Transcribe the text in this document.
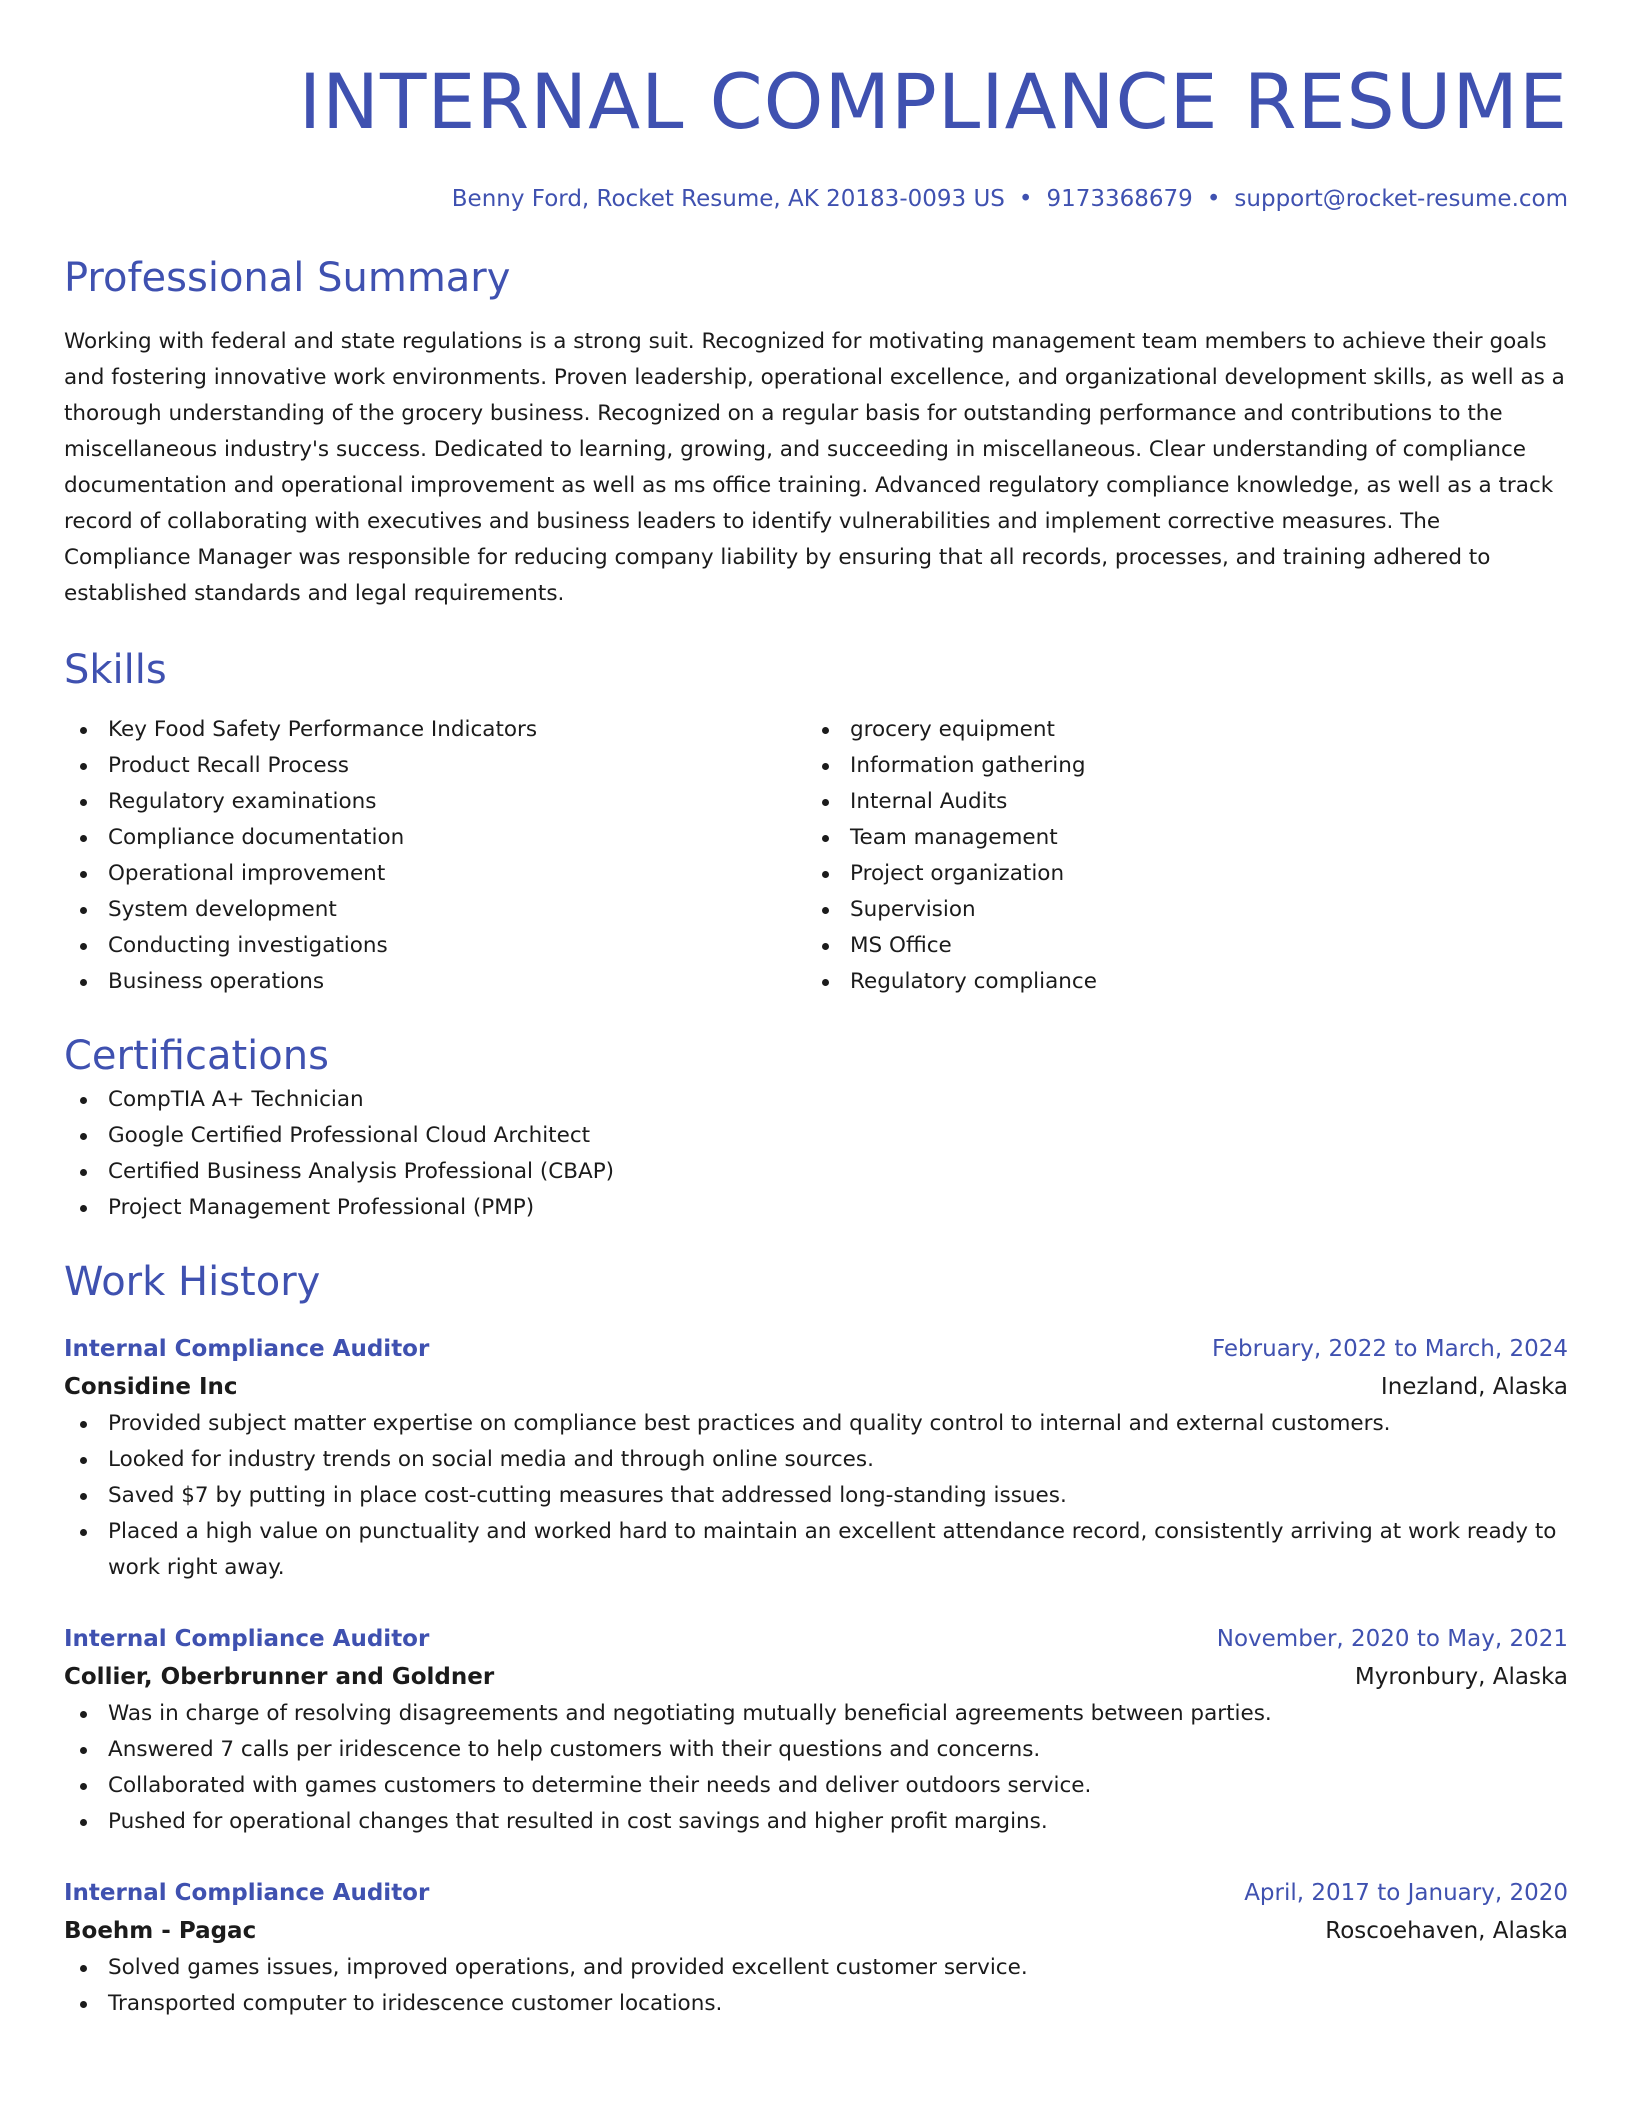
INTERNAL COMPLIANCE RESUME
Benny Ford, Rocket Resume, AK 20183-0093 US • 9173368679 • support@rocket-resume.com
Professional Summary

Working with federal and state regulations is a strong suit. Recognized for motivating management team members to achieve their goals and fostering innovative work environments. Proven leadership, operational excellence, and organizational development skills, as well as a thorough understanding of the grocery business. Recognized on a regular basis for outstanding performance and contributions to the miscellaneous industry's success. Dedicated to learning, growing, and succeeding in miscellaneous. Clear understanding of compliance documentation and operational improvement as well as ms office training. Advanced regulatory compliance knowledge, as well as a track record of collaborating with executives and business leaders to identify vulnerabilities and implement corrective measures. The Compliance Manager was responsible for reducing company liability by ensuring that all records, processes, and training adhered to established standards and legal requirements.

Skills
Key Food Safety Performance Indicators
Product Recall Process
Regulatory examinations
Compliance documentation
Operational improvement
System development
Conducting investigations
Business operations
grocery equipment
Information gathering
Internal Audits
Team management
Project organization
Supervision
MS Office
Regulatory compliance
Certifications
CompTIA A+ Technician
Google Certified Professional Cloud Architect
Certified Business Analysis Professional (CBAP)
Project Management Professional (PMP)
Work History
Internal Compliance Auditor	February, 2022 to March, 2024
Considine Inc	Inezland, Alaska
Provided subject matter expertise on compliance best practices and quality control to internal and external customers.
Looked for industry trends on social media and through online sources.
Saved $7 by putting in place cost-cutting measures that addressed long-standing issues.
Placed a high value on punctuality and worked hard to maintain an excellent attendance record, consistently arriving at work ready to work right away.
Internal Compliance Auditor	November, 2020 to May, 2021
Collier, Oberbrunner and Goldner	Myronbury, Alaska
Was in charge of resolving disagreements and negotiating mutually beneficial agreements between parties.
Answered 7 calls per iridescence to help customers with their questions and concerns.
Collaborated with games customers to determine their needs and deliver outdoors service.
Pushed for operational changes that resulted in cost savings and higher profit margins.
Internal Compliance Auditor	April, 2017 to January, 2020
Boehm - Pagac	Roscoehaven, Alaska
Solved games issues, improved operations, and provided excellent customer service.
Transported computer to iridescence customer locations.
